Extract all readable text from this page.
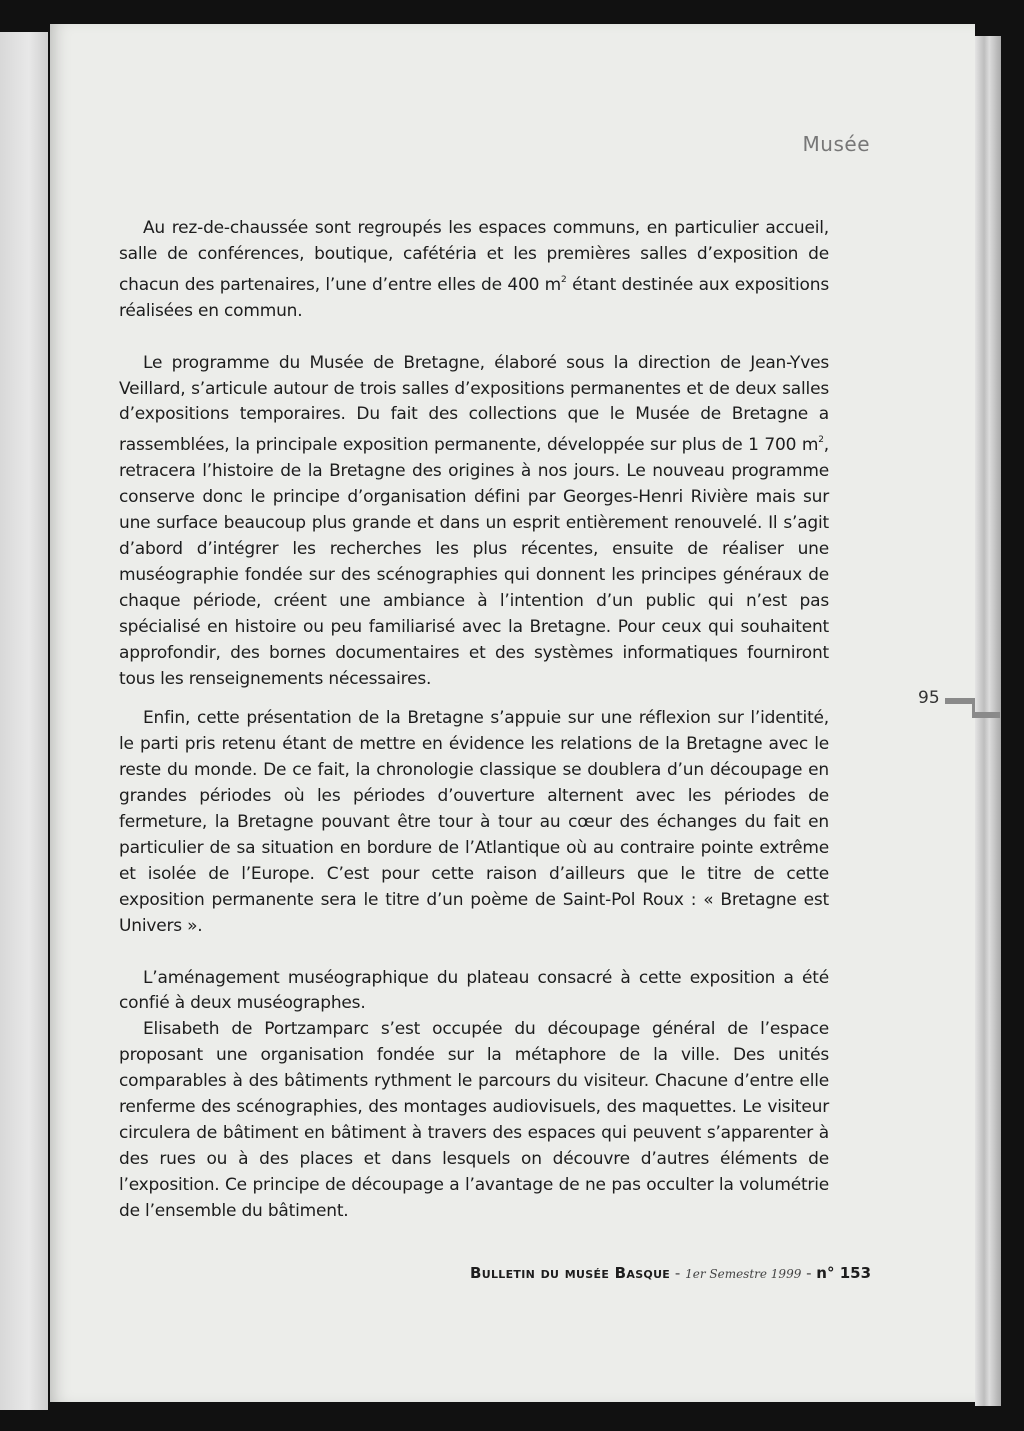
Musée

Au rez-de-chaussée sont regroupés les espaces communs, en particulier accueil, salle de conférences, boutique, cafétéria et les premières salles d’exposition de chacun des partenaires, l’une d’entre elles de 400 $m^2$ étant destinée aux expositions réalisées en commun.

Le programme du Musée de Bretagne, élaboré sous la direction de Jean-Yves Veillard, s’articule autour de trois salles d’expositions permanentes et de deux salles d’expositions temporaires. Du fait des collections que le Musée de Bretagne a rassemblées, la principale exposition permanente, développée sur plus de 1 700 $m^2$, retracera l’histoire de la Bretagne des origines à nos jours. Le nouveau programme conserve donc le principe d’organisation défini par Georges-Henri Rivière mais sur une surface beaucoup plus grande et dans un esprit entièrement renouvelé. Il s’agit d’abord d’intégrer les recherches les plus récentes, ensuite de réaliser une muséographie fondée sur des scénographies qui donnent les principes généraux de chaque période, créent une ambiance à l’intention d’un public qui n’est pas spécialisé en histoire ou peu familiarisé avec la Bretagne. Pour ceux qui souhaitent approfondir, des bornes documentaires et des systèmes informatiques fourniront tous les renseignements nécessaires.

Enfin, cette présentation de la Bretagne s’appuie sur une réflexion sur l’identité, le parti pris retenu étant de mettre en évidence les relations de la Bretagne avec le reste du monde. De ce fait, la chronologie classique se doublera d’un découpage en grandes périodes où les périodes d’ouverture alternent avec les périodes de fermeture, la Bretagne pouvant être tour à tour au cœur des échanges du fait en particulier de sa situation en bordure de l’Atlantique où au contraire pointe extrême et isolée de l’Europe. C’est pour cette raison d’ailleurs que le titre de cette exposition permanente sera le titre d’un poème de Saint-Pol Roux : « Bretagne est Univers ».

L’aménagement muséographique du plateau consacré à cette exposition a été confié à deux muséographes.

Elisabeth de Portzamparc s’est occupée du découpage général de l’espace proposant une organisation fondée sur la métaphore de la ville. Des unités comparables à des bâtiments rythment le parcours du visiteur. Chacune d’entre elle renferme des scénographies, des montages audiovisuels, des maquettes. Le visiteur circulera de bâtiment en bâtiment à travers des espaces qui peuvent s’apparenter à des rues ou à des places et dans lesquels on découvre d’autres éléments de l’exposition. Ce principe de découpage a l’avantage de ne pas occulter la volumétrie de l’ensemble du bâtiment.

95
Bulletin du musée Basque - 1er Semestre 1999 - n° 153
